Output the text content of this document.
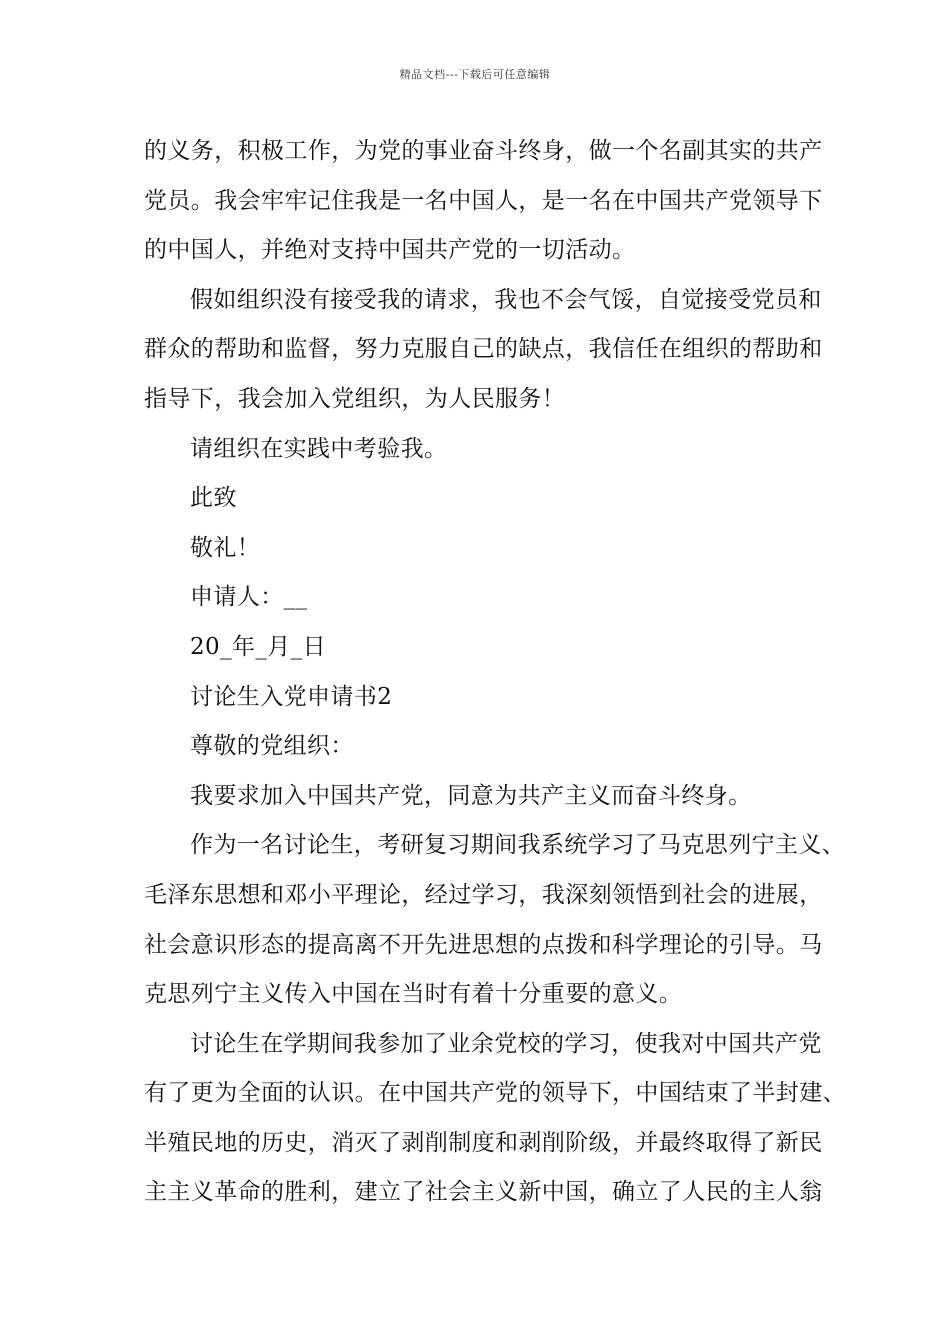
精品文档---下载后可任意编辑
的义务，积极工作，为党的事业奋斗终身，做一个名副其实的共产
党员。我会牢牢记住我是一名中国人，是一名在中国共产党领导下
的中国人，并绝对支持中国共产党的一切活动。
假如组织没有接受我的请求，我也不会气馁，自觉接受党员和
群众的帮助和监督，努力克服自己的缺点，我信任在组织的帮助和
指导下，我会加入党组织，为人民服务！
请组织在实践中考验我。
此致
敬礼！
申请人：__
20_年_月_日
讨论生入党申请书2
尊敬的党组织：
我要求加入中国共产党，同意为共产主义而奋斗终身。
作为一名讨论生，考研复习期间我系统学习了马克思列宁主义、
毛泽东思想和邓小平理论，经过学习，我深刻领悟到社会的进展，
社会意识形态的提高离不开先进思想的点拨和科学理论的引导。马
克思列宁主义传入中国在当时有着十分重要的意义。
讨论生在学期间我参加了业余党校的学习，使我对中国共产党
有了更为全面的认识。在中国共产党的领导下，中国结束了半封建、
半殖民地的历史，消灭了剥削制度和剥削阶级，并最终取得了新民
主主义革命的胜利，建立了社会主义新中国，确立了人民的主人翁
